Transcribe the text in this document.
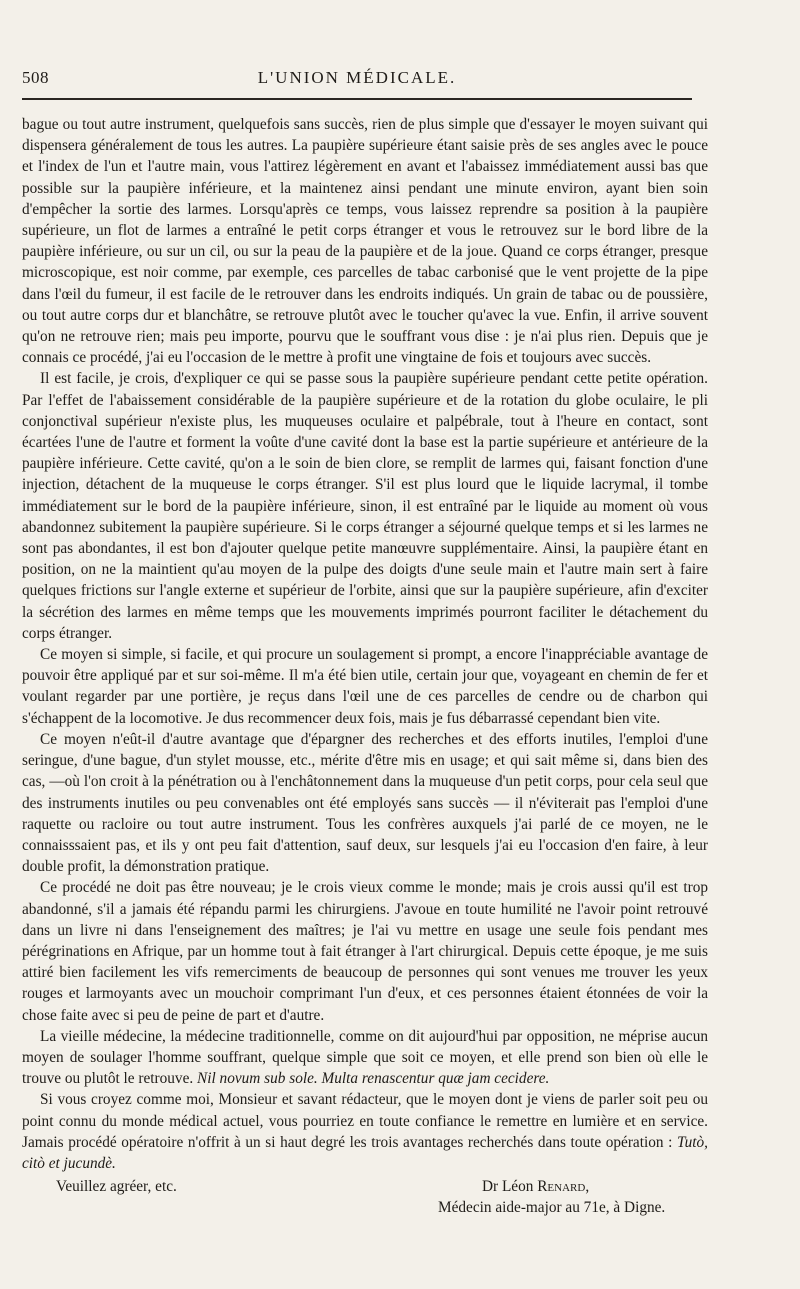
508	L'UNION MÉDICALE.

bague ou tout autre instrument, quelquefois sans succès, rien de plus simple que d'essayer le moyen suivant qui dispensera généralement de tous les autres. La paupière supérieure étant saisie près de ses angles avec le pouce et l'index de l'un et l'autre main, vous l'attirez légèrement en avant et l'abaissez immédiatement aussi bas que possible sur la paupière inférieure, et la maintenez ainsi pendant une minute environ, ayant bien soin d'empêcher la sortie des larmes. Lorsqu'après ce temps, vous laissez reprendre sa position à la paupière supérieure, un flot de larmes a entraîné le petit corps étranger et vous le retrouvez sur le bord libre de la paupière inférieure, ou sur un cil, ou sur la peau de la paupière et de la joue. Quand ce corps étranger, presque microscopique, est noir comme, par exemple, ces parcelles de tabac carbonisé que le vent projette de la pipe dans l'œil du fumeur, il est facile de le retrouver dans les endroits indiqués. Un grain de tabac ou de poussière, ou tout autre corps dur et blanchâtre, se retrouve plutôt avec le toucher qu'avec la vue. Enfin, il arrive souvent qu'on ne retrouve rien; mais peu importe, pourvu que le souffrant vous dise : je n'ai plus rien. Depuis que je connais ce procédé, j'ai eu l'occasion de le mettre à profit une vingtaine de fois et toujours avec succès.

Il est facile, je crois, d'expliquer ce qui se passe sous la paupière supérieure pendant cette petite opération. Par l'effet de l'abaissement considérable de la paupière supérieure et de la rotation du globe oculaire, le pli conjonctival supérieur n'existe plus, les muqueuses oculaire et palpébrale, tout à l'heure en contact, sont écartées l'une de l'autre et forment la voûte d'une cavité dont la base est la partie supérieure et antérieure de la paupière inférieure. Cette cavité, qu'on a le soin de bien clore, se remplit de larmes qui, faisant fonction d'une injection, détachent de la muqueuse le corps étranger. S'il est plus lourd que le liquide lacrymal, il tombe immédiatement sur le bord de la paupière inférieure, sinon, il est entraîné par le liquide au moment où vous abandonnez subitement la paupière supérieure. Si le corps étranger a séjourné quelque temps et si les larmes ne sont pas abondantes, il est bon d'ajouter quelque petite manœuvre supplémentaire. Ainsi, la paupière étant en position, on ne la maintient qu'au moyen de la pulpe des doigts d'une seule main et l'autre main sert à faire quelques frictions sur l'angle externe et supérieur de l'orbite, ainsi que sur la paupière supérieure, afin d'exciter la sécrétion des larmes en même temps que les mouvements imprimés pourront faciliter le détachement du corps étranger.

Ce moyen si simple, si facile, et qui procure un soulagement si prompt, a encore l'inappréciable avantage de pouvoir être appliqué par et sur soi-même. Il m'a été bien utile, certain jour que, voyageant en chemin de fer et voulant regarder par une portière, je reçus dans l'œil une de ces parcelles de cendre ou de charbon qui s'échappent de la locomotive. Je dus recommencer deux fois, mais je fus débarrassé cependant bien vite.

Ce moyen n'eût-il d'autre avantage que d'épargner des recherches et des efforts inutiles, l'emploi d'une seringue, d'une bague, d'un stylet mousse, etc., mérite d'être mis en usage; et qui sait même si, dans bien des cas, —où l'on croit à la pénétration ou à l'enchâtonnement dans la muqueuse d'un petit corps, pour cela seul que des instruments inutiles ou peu convenables ont été employés sans succès — il n'éviterait pas l'emploi d'une raquette ou racloire ou tout autre instrument. Tous les confrères auxquels j'ai parlé de ce moyen, ne le connaisssaient pas, et ils y ont peu fait d'attention, sauf deux, sur lesquels j'ai eu l'occasion d'en faire, à leur double profit, la démonstration pratique.

Ce procédé ne doit pas être nouveau; je le crois vieux comme le monde; mais je crois aussi qu'il est trop abandonné, s'il a jamais été répandu parmi les chirurgiens. J'avoue en toute humilité ne l'avoir point retrouvé dans un livre ni dans l'enseignement des maîtres; je l'ai vu mettre en usage une seule fois pendant mes pérégrinations en Afrique, par un homme tout à fait étranger à l'art chirurgical. Depuis cette époque, je me suis attiré bien facilement les vifs remerciments de beaucoup de personnes qui sont venues me trouver les yeux rouges et larmoyants avec un mouchoir comprimant l'un d'eux, et ces personnes étaient étonnées de voir la chose faite avec si peu de peine de part et d'autre.

La vieille médecine, la médecine traditionnelle, comme on dit aujourd'hui par opposition, ne méprise aucun moyen de soulager l'homme souffrant, quelque simple que soit ce moyen, et elle prend son bien où elle le trouve ou plutôt le retrouve. Nil novum sub sole. Multa renascentur quæ jam cecidere.

Si vous croyez comme moi, Monsieur et savant rédacteur, que le moyen dont je viens de parler soit peu ou point connu du monde médical actuel, vous pourriez en toute confiance le remettre en lumière et en service. Jamais procédé opératoire n'offrit à un si haut degré les trois avantages recherchés dans toute opération : Tutò, citò et jucundè.

Veuillez agréer, etc.	Dr Léon Renard,
Médecin aide-major au 71e, à Digne.
